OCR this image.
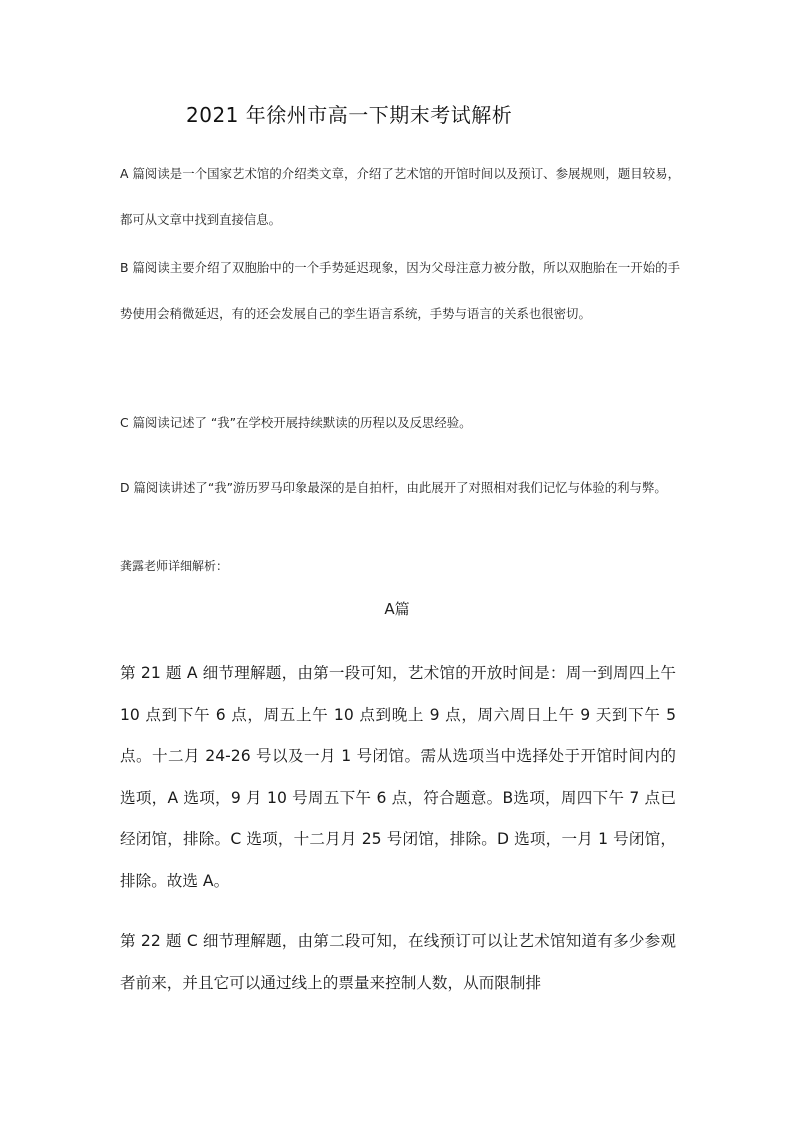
2021 年徐州市高一下期末考试解析

A 篇阅读是一个国家艺术馆的介绍类文章，介绍了艺术馆的开馆时间以及预订、参展规则，题目较易，都可从文章中找到直接信息。

B 篇阅读主要介绍了双胞胎中的一个手势延迟现象，因为父母注意力被分散，所以双胞胎在一开始的手势使用会稍微延迟，有的还会发展自己的孪生语言系统，手势与语言的关系也很密切。

C 篇阅读记述了 “我”在学校开展持续默读的历程以及反思经验。

D 篇阅读讲述了“我”游历罗马印象最深的是自拍杆，由此展开了对照相对我们记忆与体验的利与弊。

龚露老师详细解析：
A篇

第 21 题 A 细节理解题，由第一段可知，艺术馆的开放时间是：周一到周四上午 10 点到下午 6 点，周五上午 10 点到晚上 9 点，周六周日上午 9 天到下午 5 点。十二月 24-26 号以及一月 1 号闭馆。需从选项当中选择处于开馆时间内的选项，A 选项，9 月 10 号周五下午 6 点，符合题意。B选项，周四下午 7 点已经闭馆，排除。C 选项，十二月月 25 号闭馆，排除。D 选项，一月 1 号闭馆，排除。故选 A。

第 22 题 C 细节理解题，由第二段可知，在线预订可以让艺术馆知道有多少参观者前来，并且它可以通过线上的票量来控制人数，从而限制排
